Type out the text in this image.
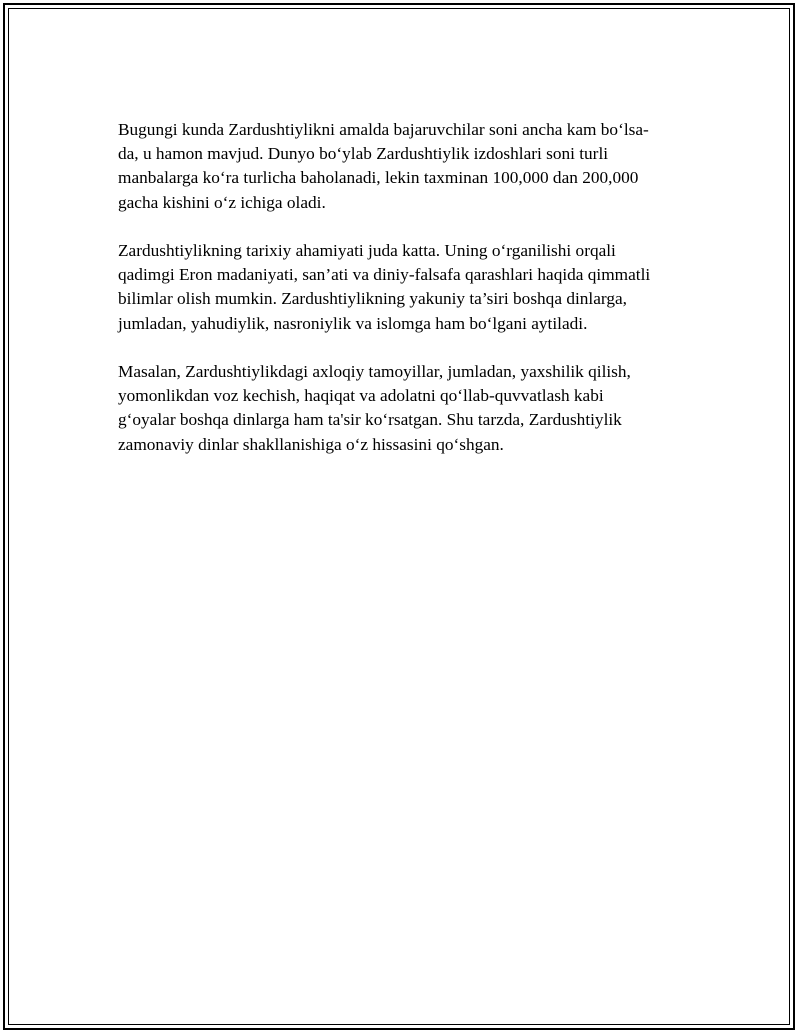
Bugungi kunda Zardushtiylikni amalda bajaruvchilar soni ancha kam bo‘lsa-
da, u hamon mavjud. Dunyo bo‘ylab Zardushtiylik izdoshlari soni turli
manbalarga ko‘ra turlicha baholanadi, lekin taxminan 100,000 dan 200,000
gacha kishini o‘z ichiga oladi.

Zardushtiylikning tarixiy ahamiyati juda katta. Uning o‘rganilishi orqali
qadimgi Eron madaniyati, san’ati va diniy-falsafa qarashlari haqida qimmatli
bilimlar olish mumkin. Zardushtiylikning yakuniy ta’siri boshqa dinlarga,
jumladan, yahudiylik, nasroniylik va islomga ham bo‘lgani aytiladi.

Masalan, Zardushtiylikdagi axloqiy tamoyillar, jumladan, yaxshilik qilish,
yomonlikdan voz kechish, haqiqat va adolatni qo‘llab-quvvatlash kabi
g‘oyalar boshqa dinlarga ham ta'sir ko‘rsatgan. Shu tarzda, Zardushtiylik
zamonaviy dinlar shakllanishiga o‘z hissasini qo‘shgan.
